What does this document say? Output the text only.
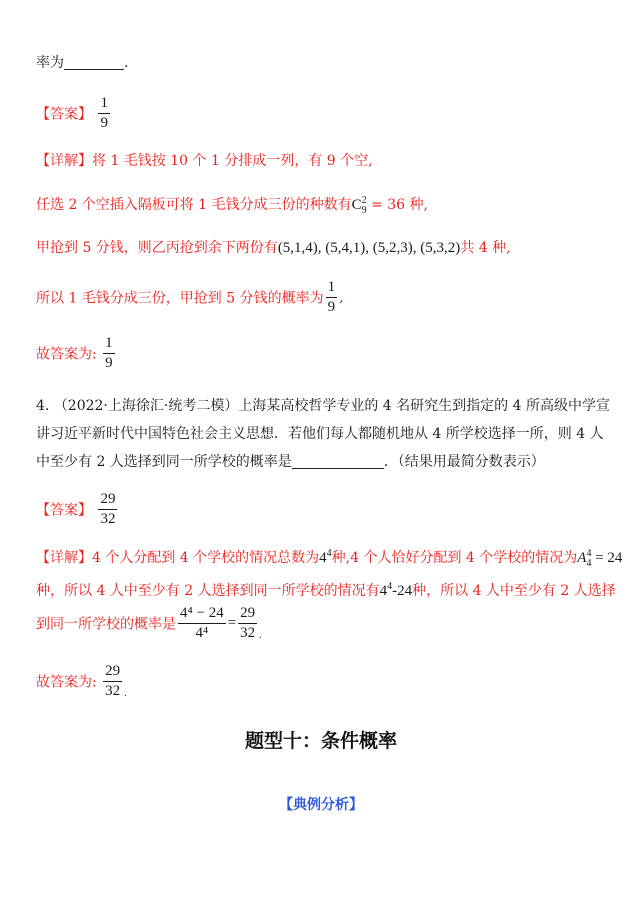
率为	.
【答案】 $\frac{1}{9}$
【详解】将 1 毛钱按 10 个 1 分排成一列，有 9 个空,
任选 2 个空插入隔板可将 1 毛钱分成三份的种数有C 2
9 = 36 种,
甲抢到 5 分钱，则乙丙抢到余下两份有(5,1,4), (5,4,1), (5,2,3), (5,3,2)共 4 种,
所以 1 毛钱分成三份，甲抢到 5 分钱的概率为 $\frac{1}{9}$ ,
故答案为: $\frac{1}{9}$
4. （2022·上海徐汇·统考二模）上海某高校哲学专业的 4 名研究生到指定的 4 所高级中学宣
讲习近平新时代中国特色社会主义思想．若他们每人都随机地从 4 所学校选择一所，则 4 人
中至少有 2 人选择到同一所学校的概率是	．（结果用最简分数表示）
【答案】 $\frac{29}{32}$
【详解】4 个人分配到 4 个学校的情况总数为$4^4$种,4 个人恰好分配到 4 个学校的情况为A 4
4 = 24
种，所以 4 人中至少有 2 人选择到同一所学校的情况有$4^4-24$种，所以 4 人中至少有 2 人选择
到同一所学校的概率是 $\frac{\text{4⁴ − 24}}{\text{4⁴}} = \frac{29}{32}$ .
故答案为: $\frac{29}{32}$ .
题型十：条件概率
【典例分析】
